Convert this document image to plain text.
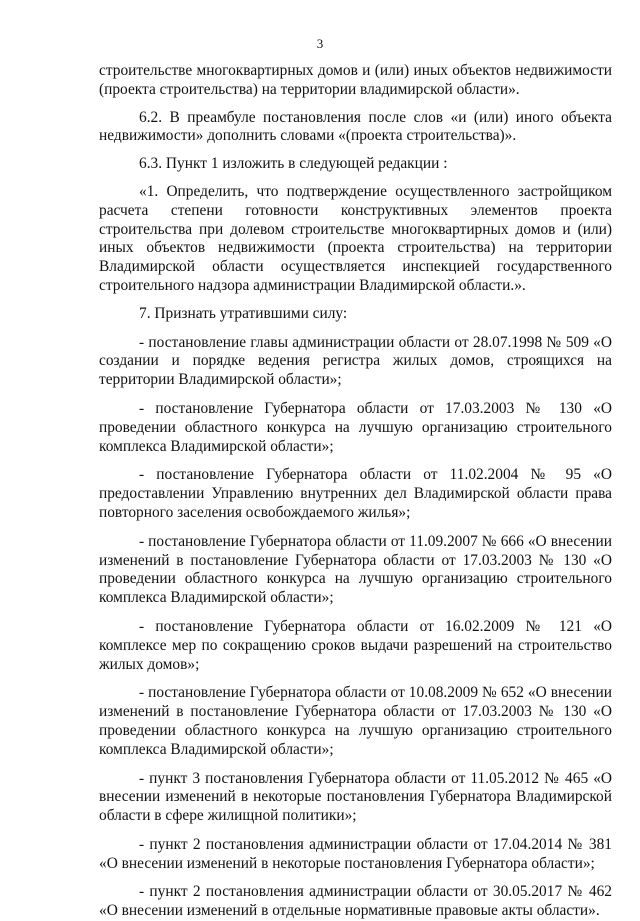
3

строительстве многоквартирных домов и (или) иных объектов недвижимости (проекта строительства) на территории владимирской области».

6.2. В преамбуле постановления после слов «и (или) иного объекта недвижимости» дополнить словами «(проекта строительства)».

6.3. Пункт 1 изложить в следующей редакции :

«1. Определить, что подтверждение осуществленного застройщиком расчета степени готовности конструктивных элементов проекта строительства при долевом строительстве многоквартирных домов и (или) иных объектов недвижимости (проекта строительства) на территории Владимирской области осуществляется инспекцией государственного строительного надзора администрации Владимирской области.».

7. Признать утратившими силу:

- постановление главы администрации области от 28.07.1998 № 509 «О создании и порядке ведения регистра жилых домов, строящихся на территории Владимирской области»;

- постановление Губернатора области от 17.03.2003 № 130 «О проведении областного конкурса на лучшую организацию строительного комплекса Владимирской области»;

- постановление Губернатора области от 11.02.2004 № 95 «О предоставлении Управлению внутренних дел Владимирской области права повторного заселения освобождаемого жилья»;

- постановление Губернатора области от 11.09.2007 № 666 «О внесении изменений в постановление Губернатора области от 17.03.2003 № 130 «О проведении областного конкурса на лучшую организацию строительного комплекса Владимирской области»;

- постановление Губернатора области от 16.02.2009 № 121 «О комплексе мер по сокращению сроков выдачи разрешений на строительство жилых домов»;

- постановление Губернатора области от 10.08.2009 № 652 «О внесении изменений в постановление Губернатора области от 17.03.2003 № 130 «О проведении областного конкурса на лучшую организацию строительного комплекса Владимирской области»;

- пункт 3 постановления Губернатора области от 11.05.2012 № 465 «О внесении изменений в некоторые постановления Губернатора Владимирской области в сфере жилищной политики»;

- пункт 2 постановления администрации области от 17.04.2014 № 381 «О внесении изменений в некоторые постановления Губернатора области»;

- пункт 2 постановления администрации области от 30.05.2017 № 462 «О внесении изменений в отдельные нормативные правовые акты области».
